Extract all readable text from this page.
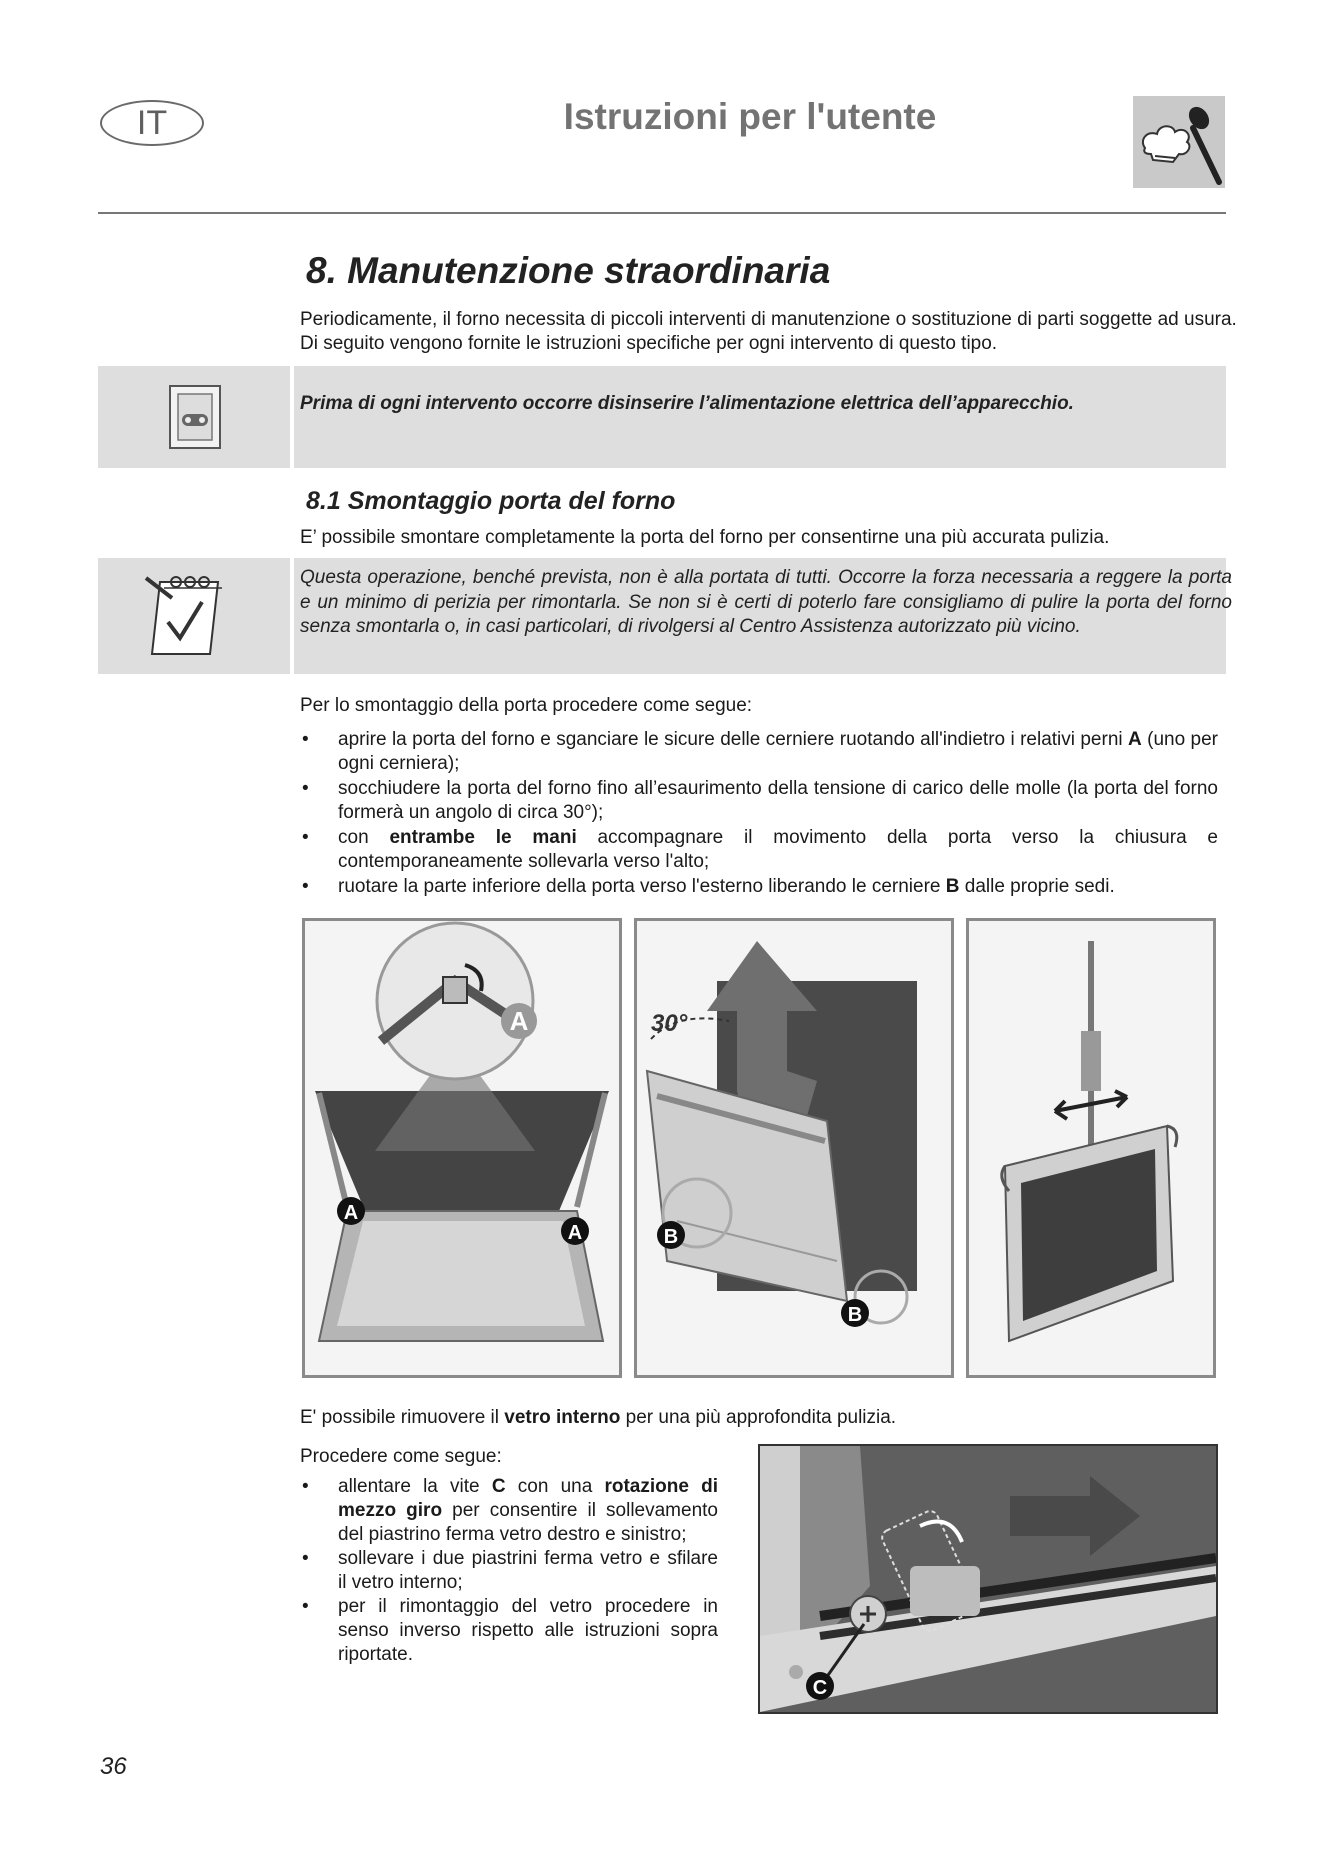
IT	Istruzioni per l'utente
8. Manutenzione straordinaria
Periodicamente, il forno necessita di piccoli interventi di manutenzione o sostituzione di parti soggette ad usura. Di seguito vengono fornite le istruzioni specifiche per ogni intervento di questo tipo.
Prima di ogni intervento occorre disinserire l’alimentazione elettrica dell’apparecchio.
8.1 Smontaggio porta del forno
E’ possibile smontare completamente la porta del forno per consentirne una più accurata pulizia.
Questa operazione, benché prevista, non è alla portata di tutti. Occorre la forza necessaria a reggere la porta e un minimo di perizia per rimontarla. Se non si è certi di poterlo fare consigliamo di pulire la porta del forno senza smontarla o, in casi particolari, di rivolgersi al Centro Assistenza autorizzato più vicino.
Per lo smontaggio della porta procedere come segue:
• aprire la porta del forno e sganciare le sicure delle cerniere ruotando all'indietro i relativi perni A (uno per ogni cerniera);
• socchiudere la porta del forno fino all’esaurimento della tensione di carico delle molle (la porta del forno formerà un angolo di circa 30°);
• con entrambe le mani accompagnare il movimento della porta verso la chiusura e contemporaneamente sollevarla verso l'alto;
• ruotare la parte inferiore della porta verso l'esterno liberando le cerniere B dalle proprie sedi.
A
A
A
30°
B
B
E' possibile rimuovere il vetro interno per una più approfondita pulizia.
Procedere come segue:
• allentare la vite C con una rotazione di mezzo giro per consentire il sollevamento del piastrino ferma vetro destro e sinistro;
• sollevare i due piastrini ferma vetro e sfilare il vetro interno;
• per il rimontaggio del vetro procedere in senso inverso rispetto alle istruzioni sopra riportate.
C
36
